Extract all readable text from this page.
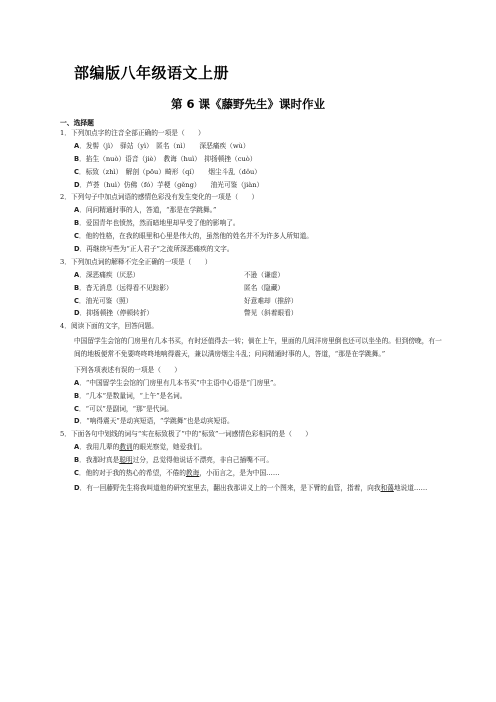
部编版八年级语文上册
第 6 课《藤野先生》课时作业
一、选择题
1．下列加点字的注音全部正确的一项是（　　）
A．发髻（jì）　驿站（yì）　匿名（nì）　　深恶痛疾（wù）
B．掐生（nuò）语音（jiè）　教诲（huì）　抑扬顿挫（cuò）
C．标致（zhì）　解剖（pōu）畸形（qí）　　烟尘斗乱（dǒu）
D．芦荟（huì）仿佛（fó）芋梗（gěng）　　油光可鉴（jiàn）
2．下列句子中加点词语的感情色彩没有发生变化的一项是（　　）
A．问问精通时事的人，答道，“那是在学跳舞。”
B．爱国青年也愤然，然而暗地里却早受了他的影响了。
C．他的性格，在我的眼里和心里是伟大的，虽然他的姓名并不为许多人所知道。
D．再继续写些为“正人君子”之流所深恶痛疾的文字。
3．下列加点词的解释不完全正确的一项是（　　）
A．深恶痛疾（厌恶）	不逊（谦虚）
B．杳无消息（远得看不见踪影）	匿名（隐藏）
C．油光可鉴（照）	好意难却（推辞）
D．抑扬顿挫（停顿转折）	瞥见（斜着眼看）
4．阅读下面的文字，回答问题。
中国留学生会馆的门房里有几本书买，有时还值得去一转；倘在上午，里面的几间洋房里倒也还可以坐坐的。但到傍晚，有一间的地板便常不免要咚咚咚地响得震天，兼以满房烟尘斗乱；问问精通时事的人，答道，“那是在学跳舞。”
下列各项表述有误的一项是（　　）
A．“中国留学生会馆的门房里有几本书买”中主语中心语是“门房里”。
B．“几本”是数量词，“上午”是名词。
C．“可以”是副词，“那”是代词。
D．“响得震天”是动宾短语，“学跳舞”也是动宾短语。
5．下面各句中划线的词与“实在标致极了”中的“标致”一词感情色彩相同的是（　　）
A．我用几辈的教训的眼光察觉，她爱我们。
B．我那时真是聪明过分，总觉得他说话不漂亮，非自己插嘴不可。
C．他的对于我的热心的希望，不倦的教诲，小而言之，是为中国……
D．有一回藤野先生将我叫道他的研究室里去，翻出我那讲义上的一个图来，是下臂的血管，指着，向我和蔼地说道……
